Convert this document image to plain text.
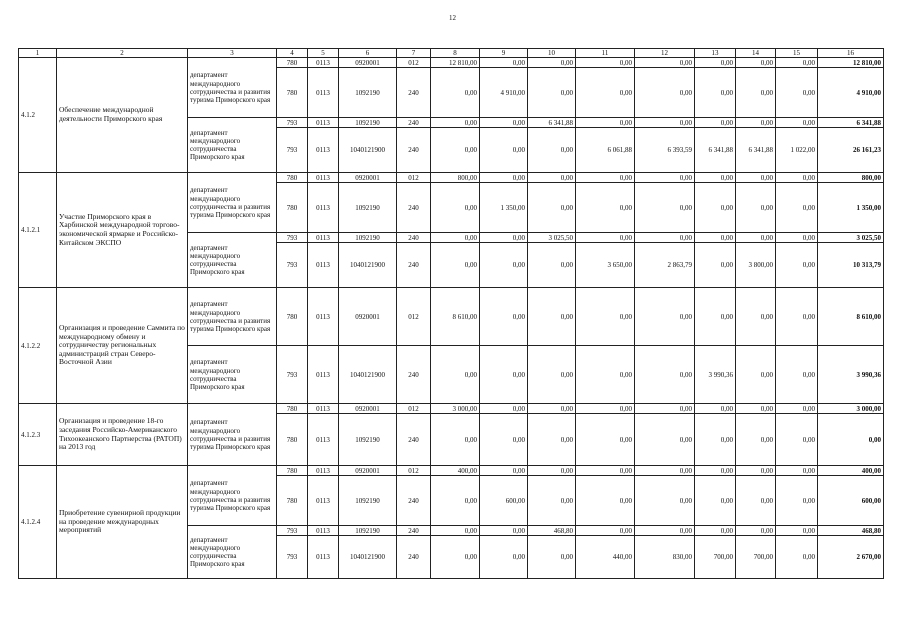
12
1	2	3	4	5	6	7	8	9	10	11	12	13	14	15	16
4.1.2	Обеспечение международной деятельности Приморского края	департамент международного сотрудничества и развития туризма Приморского края	780	0113	0920001	012	12 810,00	0,00	0,00	0,00	0,00	0,00	0,00	0,00	12 810,00
			780	0113	1092190	240	0,00	4 910,00	0,00	0,00	0,00	0,00	0,00	0,00	4 910,00
		департамент международного сотрудничества Приморского края	793	0113	1092190	240	0,00	0,00	6 341,88	0,00	0,00	0,00	0,00	0,00	6 341,88
			793	0113	1040121900	240	0,00	0,00	0,00	6 061,88	6 393,59	6 341,88	6 341,88	1 022,00	26 161,23
4.1.2.1	Участие Приморского края в Харбинской международной торгово-экономической ярмарке и Российско-Китайском ЭКСПО	департамент международного сотрудничества и развития туризма Приморского края	780	0113	0920001	012	800,00	0,00	0,00	0,00	0,00	0,00	0,00	0,00	800,00
			780	0113	1092190	240	0,00	1 350,00	0,00	0,00	0,00	0,00	0,00	0,00	1 350,00
		департамент международного сотрудничества Приморского края	793	0113	1092190	240	0,00	0,00	3 025,50	0,00	0,00	0,00	0,00	0,00	3 025,50
			793	0113	1040121900	240	0,00	0,00	0,00	3 650,00	2 863,79	0,00	3 800,00	0,00	10 313,79
4.1.2.2	Организация и проведение Саммита по международному обмену и сотрудничеству региональных администраций стран Северо-Восточной Азии	департамент международного сотрудничества и развития туризма Приморского края	780	0113	0920001	012	8 610,00	0,00	0,00	0,00	0,00	0,00	0,00	0,00	8 610,00
		департамент международного сотрудничества Приморского края	793	0113	1040121900	240	0,00	0,00	0,00	0,00	0,00	3 990,36	0,00	0,00	3 990,36
4.1.2.3	Организация и проведение 18-го заседания Российско-Американского Тихоокеанского Партнерства (РАТОП) на 2013 год	департамент международного сотрудничества и развития туризма Приморского края	780	0113	0920001	012	3 000,00	0,00	0,00	0,00	0,00	0,00	0,00	0,00	3 000,00
			780	0113	1092190	240	0,00	0,00	0,00	0,00	0,00	0,00	0,00	0,00	0,00
4.1.2.4	Приобретение сувенирной продукции на проведение международных мероприятий	департамент международного сотрудничества и развития туризма Приморского края	780	0113	0920001	012	400,00	0,00	0,00	0,00	0,00	0,00	0,00	0,00	400,00
			780	0113	1092190	240	0,00	600,00	0,00	0,00	0,00	0,00	0,00	0,00	600,00
		департамент международного сотрудничества Приморского края	793	0113	1092190	240	0,00	0,00	468,80	0,00	0,00	0,00	0,00	0,00	468,80
			793	0113	1040121900	240	0,00	0,00	0,00	440,00	830,00	700,00	700,00	0,00	2 670,00
